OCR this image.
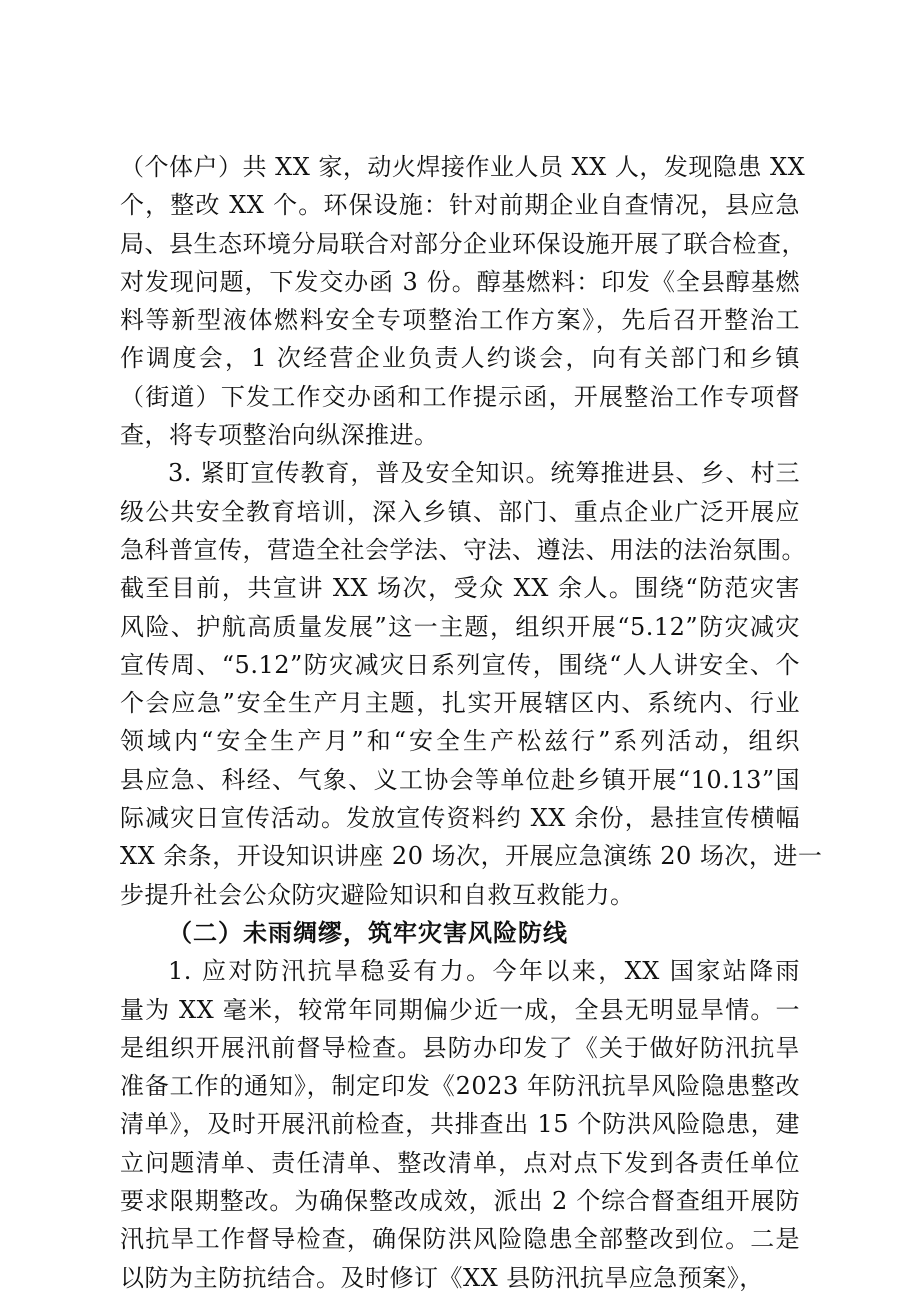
（个体户）共 XX 家，动火焊接作业人员 XX 人，发现隐患 XX
个，整改 XX 个。环保设施：针对前期企业自查情况，县应急
局、县生态环境分局联合对部分企业环保设施开展了联合检查，
对发现问题，下发交办函 3 份。醇基燃料：印发《全县醇基燃
料等新型液体燃料安全专项整治工作方案》，先后召开整治工
作调度会，1 次经营企业负责人约谈会，向有关部门和乡镇
（街道）下发工作交办函和工作提示函，开展整治工作专项督
查，将专项整治向纵深推进。
3. 紧盯宣传教育，普及安全知识。统筹推进县、乡、村三
级公共安全教育培训，深入乡镇、部门、重点企业广泛开展应
急科普宣传，营造全社会学法、守法、遵法、用法的法治氛围。
截至目前，共宣讲 XX 场次，受众 XX 余人。围绕“防范灾害
风险、护航高质量发展”这一主题，组织开展“5.12”防灾减灾
宣传周、“5.12”防灾减灾日系列宣传，围绕“人人讲安全、个
个会应急”安全生产月主题，扎实开展辖区内、系统内、行业
领域内“安全生产月”和“安全生产松兹行”系列活动，组织
县应急、科经、气象、义工协会等单位赴乡镇开展“10.13”国
际减灾日宣传活动。发放宣传资料约 XX 余份，悬挂宣传横幅
XX 余条，开设知识讲座 20 场次，开展应急演练 20 场次，进一
步提升社会公众防灾避险知识和自救互救能力。
（二）未雨绸缪，筑牢灾害风险防线
1. 应对防汛抗旱稳妥有力。今年以来，XX 国家站降雨
量为 XX 毫米，较常年同期偏少近一成，全县无明显旱情。一
是组织开展汛前督导检查。县防办印发了《关于做好防汛抗旱
准备工作的通知》，制定印发《2023 年防汛抗旱风险隐患整改
清单》，及时开展汛前检查，共排查出 15 个防洪风险隐患，建
立问题清单、责任清单、整改清单，点对点下发到各责任单位
要求限期整改。为确保整改成效，派出 2 个综合督查组开展防
汛抗旱工作督导检查，确保防洪风险隐患全部整改到位。二是
以防为主防抗结合。及时修订《XX 县防汛抗旱应急预案》，
